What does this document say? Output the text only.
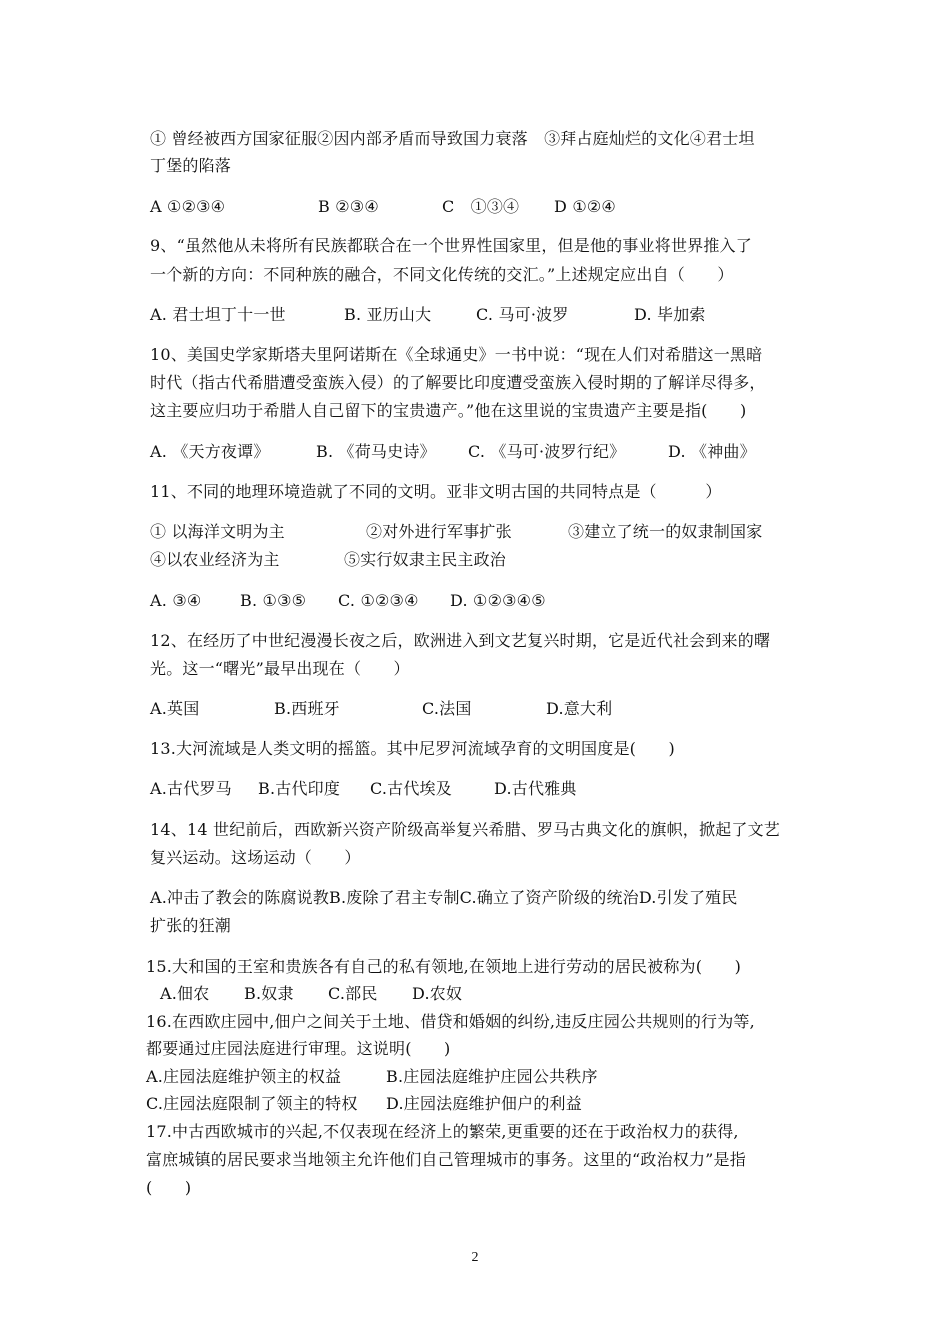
① 曾经被西方国家征服②因内部矛盾而导致国力衰落　③拜占庭灿烂的文化④君士坦
丁堡的陷落
A ①②③④	B ②③④	C　①③④ D ①②④
9、“虽然他从未将所有民族都联合在一个世界性国家里，但是他的事业将世界推入了
一个新的方向：不同种族的融合，不同文化传统的交汇。”上述规定应出自（　　）
A. 君士坦丁十一世	B. 亚历山大	C. 马可·波罗	D. 毕加索
10、美国史学家斯塔夫里阿诺斯在《全球通史》一书中说：“现在人们对希腊这一黑暗
时代（指古代希腊遭受蛮族入侵）的了解要比印度遭受蛮族入侵时期的了解详尽得多，
这主要应归功于希腊人自己留下的宝贵遗产。”他在这里说的宝贵遗产主要是指(　　)
A. 《天方夜谭》	B. 《荷马史诗》 C. 《马可·波罗行纪》	D. 《神曲》
11、不同的地理环境造就了不同的文明。亚非文明古国的共同特点是（　　　）
① 以海洋文明为主	②对外进行军事扩张	③建立了统一的奴隶制国家
④以农业经济为主	⑤实行奴隶主民主政治
A. ③④ B. ①③⑤ C. ①②③④ D. ①②③④⑤
12、在经历了中世纪漫漫长夜之后，欧洲进入到文艺复兴时期，它是近代社会到来的曙
光。这一“曙光”最早出现在（　　）
A.英国	B.西班牙	C.法国	D.意大利
13.大河流域是人类文明的摇篮。其中尼罗河流域孕育的文明国度是(　　)
A.古代罗马 B.古代印度 C.古代埃及	D.古代雅典
14、14 世纪前后，西欧新兴资产阶级高举复兴希腊、罗马古典文化的旗帜，掀起了文艺
复兴运动。这场运动（　　）
A.冲击了教会的陈腐说教B.废除了君主专制C.确立了资产阶级的统治D.引发了殖民
扩张的狂潮
15.大和国的王室和贵族各有自己的私有领地,在领地上进行劳动的居民被称为(　　)
A.佃农 B.奴隶 C.部民 D.农奴
16.在西欧庄园中,佃户之间关于土地、借贷和婚姻的纠纷,违反庄园公共规则的行为等,
都要通过庄园法庭进行审理。这说明(　　)
A.庄园法庭维护领主的权益	B.庄园法庭维护庄园公共秩序
C.庄园法庭限制了领主的特权 D.庄园法庭维护佃户的利益
17.中古西欧城市的兴起,不仅表现在经济上的繁荣,更重要的还在于政治权力的获得,
富庶城镇的居民要求当地领主允许他们自己管理城市的事务。这里的“政治权力”是指
(　　)
2
